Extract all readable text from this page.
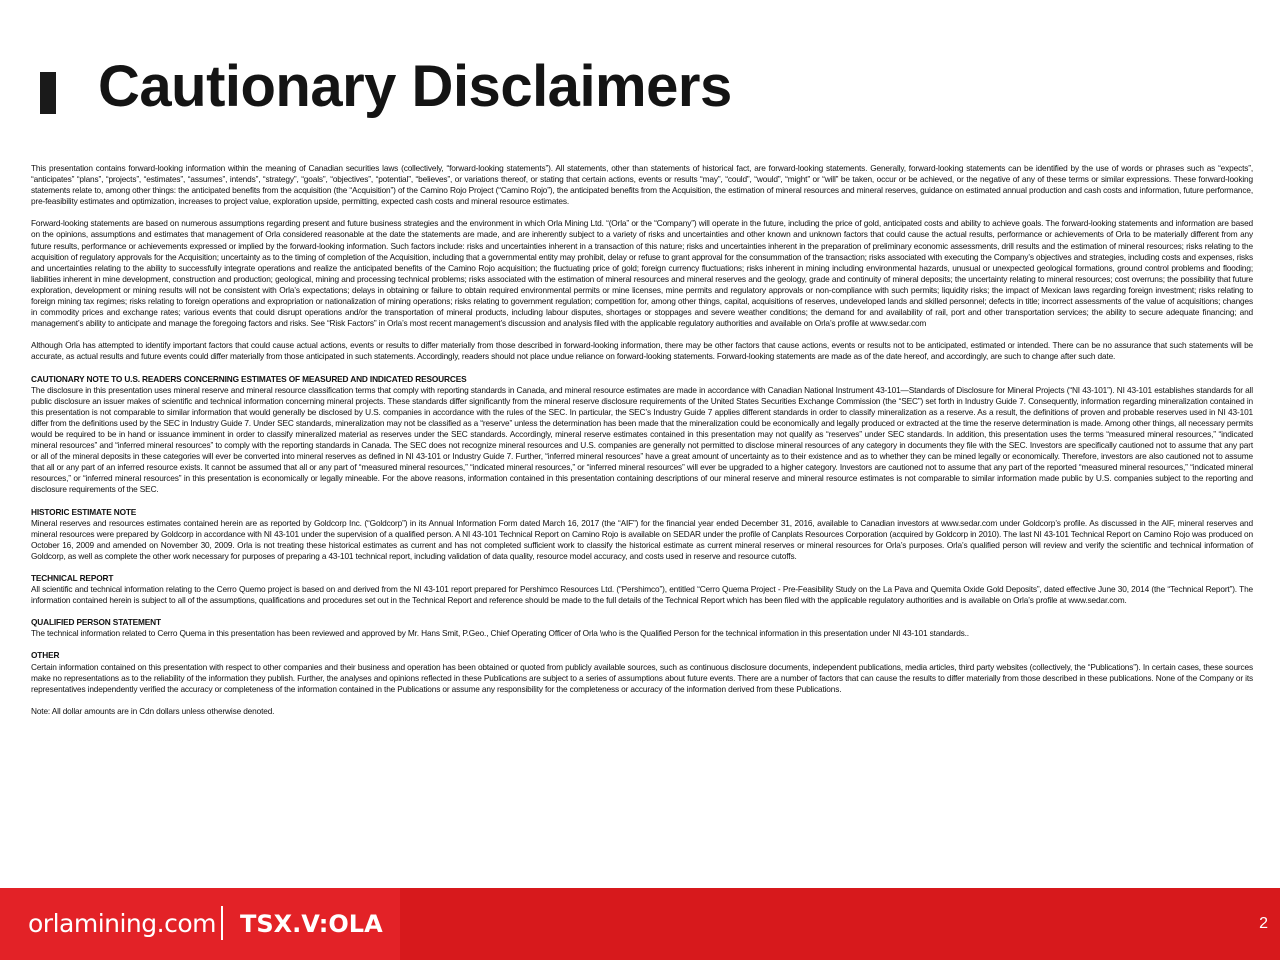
Cautionary Disclaimers

This presentation contains forward-looking information within the meaning of Canadian securities laws (collectively, “forward-looking statements”). All statements, other than statements of historical fact, are forward-looking statements. Generally, forward-looking statements can be identified by the use of words or phrases such as “expects”, “anticipates” “plans”, “projects”, “estimates”, “assumes”, intends”, “strategy”, “goals”, “objectives”, “potential”, “believes”, or variations thereof, or stating that certain actions, events or results “may”, “could”, “would”, “might” or “will” be taken, occur or be achieved, or the negative of any of these terms or similar expressions. These forward-looking statements relate to, among other things: the anticipated benefits from the acquisition (the “Acquisition”) of the Camino Rojo Project (“Camino Rojo”), the anticipated benefits from the Acquisition, the estimation of mineral resources and mineral reserves, guidance on estimated annual production and cash costs and information, future performance, pre-feasibility estimates and optimization, increases to project value, exploration upside, permitting, expected cash costs and mineral resource estimates.

Forward-looking statements are based on numerous assumptions regarding present and future business strategies and the environment in which Orla Mining Ltd. “(Orla” or the “Company”) will operate in the future, including the price of gold, anticipated costs and ability to achieve goals. The forward-looking statements and information are based on the opinions, assumptions and estimates that management of Orla considered reasonable at the date the statements are made, and are inherently subject to a variety of risks and uncertainties and other known and unknown factors that could cause the actual results, performance or achievements of Orla to be materially different from any future results, performance or achievements expressed or implied by the forward-looking information. Such factors include: risks and uncertainties inherent in a transaction of this nature; risks and uncertainties inherent in the preparation of preliminary economic assessments, drill results and the estimation of mineral resources; risks relating to the acquisition of regulatory approvals for the Acquisition; uncertainty as to the timing of completion of the Acquisition, including that a governmental entity may prohibit, delay or refuse to grant approval for the consummation of the transaction; risks associated with executing the Company’s objectives and strategies, including costs and expenses, risks and uncertainties relating to the ability to successfully integrate operations and realize the anticipated benefits of the Camino Rojo acquisition; the fluctuating price of gold; foreign currency fluctuations; risks inherent in mining including environmental hazards, unusual or unexpected geological formations, ground control problems and flooding; liabilities inherent in mine development, construction and production; geological, mining and processing technical problems; risks associated with the estimation of mineral resources and mineral reserves and the geology, grade and continuity of mineral deposits; the uncertainty relating to mineral resources; cost overruns; the possibility that future exploration, development or mining results will not be consistent with Orla’s expectations; delays in obtaining or failure to obtain required environmental permits or mine licenses, mine permits and regulatory approvals or non-compliance with such permits; liquidity risks; the impact of Mexican laws regarding foreign investment; risks relating to foreign mining tax regimes; risks relating to foreign operations and expropriation or nationalization of mining operations; risks relating to government regulation; competition for, among other things, capital, acquisitions of reserves, undeveloped lands and skilled personnel; defects in title; incorrect assessments of the value of acquisitions; changes in commodity prices and exchange rates; various events that could disrupt operations and/or the transportation of mineral products, including labour disputes, shortages or stoppages and severe weather conditions; the demand for and availability of rail, port and other transportation services; the ability to secure adequate financing; and management’s ability to anticipate and manage the foregoing factors and risks. See “Risk Factors” in Orla’s most recent management’s discussion and analysis filed with the applicable regulatory authorities and available on Orla’s profile at www.sedar.com

Although Orla has attempted to identify important factors that could cause actual actions, events or results to differ materially from those described in forward-looking information, there may be other factors that cause actions, events or results not to be anticipated, estimated or intended. There can be no assurance that such statements will be accurate, as actual results and future events could differ materially from those anticipated in such statements. Accordingly, readers should not place undue reliance on forward-looking statements. Forward-looking statements are made as of the date hereof, and accordingly, are such to change after such date.

CAUTIONARY NOTE TO U.S. READERS CONCERNING ESTIMATES OF MEASURED AND INDICATED RESOURCES

The disclosure in this presentation uses mineral reserve and mineral resource classification terms that comply with reporting standards in Canada, and mineral resource estimates are made in accordance with Canadian National Instrument 43-101—Standards of Disclosure for Mineral Projects (“NI 43-101”). NI 43-101 establishes standards for all public disclosure an issuer makes of scientific and technical information concerning mineral projects. These standards differ significantly from the mineral reserve disclosure requirements of the United States Securities Exchange Commission (the “SEC”) set forth in Industry Guide 7. Consequently, information regarding mineralization contained in this presentation is not comparable to similar information that would generally be disclosed by U.S. companies in accordance with the rules of the SEC. In particular, the SEC’s Industry Guide 7 applies different standards in order to classify mineralization as a reserve. As a result, the definitions of proven and probable reserves used in NI 43-101 differ from the definitions used by the SEC in Industry Guide 7. Under SEC standards, mineralization may not be classified as a “reserve” unless the determination has been made that the mineralization could be economically and legally produced or extracted at the time the reserve determination is made. Among other things, all necessary permits would be required to be in hand or issuance imminent in order to classify mineralized material as reserves under the SEC standards. Accordingly, mineral reserve estimates contained in this presentation may not qualify as “reserves” under SEC standards. In addition, this presentation uses the terms “measured mineral resources,” “indicated mineral resources” and “inferred mineral resources” to comply with the reporting standards in Canada. The SEC does not recognize mineral resources and U.S. companies are generally not permitted to disclose mineral resources of any category in documents they file with the SEC. Investors are specifically cautioned not to assume that any part or all of the mineral deposits in these categories will ever be converted into mineral reserves as defined in NI 43-101 or Industry Guide 7. Further, “inferred mineral resources” have a great amount of uncertainty as to their existence and as to whether they can be mined legally or economically. Therefore, investors are also cautioned not to assume that all or any part of an inferred resource exists. It cannot be assumed that all or any part of “measured mineral resources,” “indicated mineral resources,” or “inferred mineral resources” will ever be upgraded to a higher category. Investors are cautioned not to assume that any part of the reported “measured mineral resources,” “indicated mineral resources,” or “inferred mineral resources” in this presentation is economically or legally mineable. For the above reasons, information contained in this presentation containing descriptions of our mineral reserve and mineral resource estimates is not comparable to similar information made public by U.S. companies subject to the reporting and disclosure requirements of the SEC.

HISTORIC ESTIMATE NOTE

Mineral reserves and resources estimates contained herein are as reported by Goldcorp Inc. (“Goldcorp”) in its Annual Information Form dated March 16, 2017 (the “AIF”) for the financial year ended December 31, 2016, available to Canadian investors at www.sedar.com under Goldcorp’s profile. As discussed in the AIF, mineral reserves and mineral resources were prepared by Goldcorp in accordance with NI 43-101 under the supervision of a qualified person. A NI 43-101 Technical Report on Camino Rojo is available on SEDAR under the profile of Canplats Resources Corporation (acquired by Goldcorp in 2010). The last NI 43-101 Technical Report on Camino Rojo was produced on October 16, 2009 and amended on November 30, 2009. Orla is not treating these historical estimates as current and has not completed sufficient work to classify the historical estimate as current mineral reserves or mineral resources for Orla’s purposes. Orla’s qualified person will review and verify the scientific and technical information of Goldcorp, as well as complete the other work necessary for purposes of preparing a 43-101 technical report, including validation of data quality, resource model accuracy, and costs used in reserve and resource cutoffs.

TECHNICAL REPORT

All scientific and technical information relating to the Cerro Quemo project is based on and derived from the NI 43-101 report prepared for Pershimco Resources Ltd. (“Pershimco”), entitled “Cerro Quema Project - Pre-Feasibility Study on the La Pava and Quemita Oxide Gold Deposits”, dated effective June 30, 2014 (the “Technical Report”). The information contained herein is subject to all of the assumptions, qualifications and procedures set out in the Technical Report and reference should be made to the full details of the Technical Report which has been filed with the applicable regulatory authorities and is available on Orla’s profile at www.sedar.com.

QUALIFIED PERSON STATEMENT

The technical information related to Cerro Quema in this presentation has been reviewed and approved by Mr. Hans Smit, P.Geo., Chief Operating Officer of Orla \who is the Qualified Person for the technical information in this presentation under NI 43-101 standards..

OTHER

Certain information contained on this presentation with respect to other companies and their business and operation has been obtained or quoted from publicly available sources, such as continuous disclosure documents, independent publications, media articles, third party websites (collectively, the “Publications”). In certain cases, these sources make no representations as to the reliability of the information they publish. Further, the analyses and opinions reflected in these Publications are subject to a series of assumptions about future events. There are a number of factors that can cause the results to differ materially from those described in these publications. None of the Company or its representatives independently verified the accuracy or completeness of the information contained in the Publications or assume any responsibility for the completeness or accuracy of the information derived from these Publications.

Note: All dollar amounts are in Cdn dollars unless otherwise denoted.

orlamining.com TSX.V:OLA	2
